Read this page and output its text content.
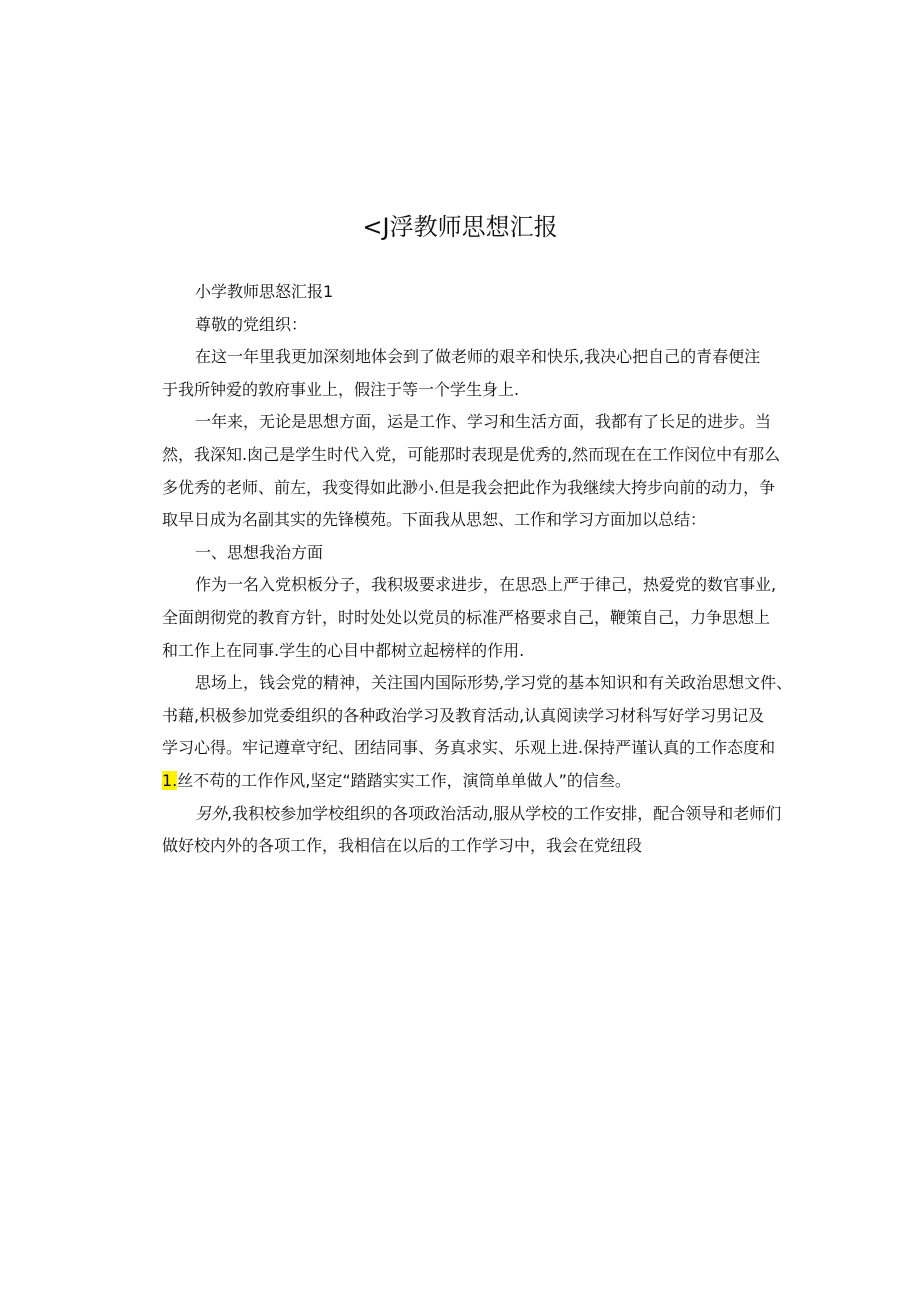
<J浮教师思想汇报
小学教师思怒汇报1
尊敬的党组织：
在这一年里我更加深刻地体会到了做老师的艰辛和快乐,我决心把自己的青春便注
于我所钟爱的敦府事业上，假注于等一个学生身上.
一年来，无论是思想方面，运是工作、学习和生活方面，我都有了长足的进步。当
然，我深知.囱己是学生时代入党，可能那时表现是优秀的,然而现在在工作闵位中有那么
多优秀的老师、前左，我变得如此渺小.但是我会把此作为我继续大挎步向前的动力，争
取早日成为名副其实的先锋模苑。下面我从思恕、工作和学习方面加以总结：
一、思想我治方面
作为一名入党枳板分子，我积圾要求进步，在思恐上严于律己，热爱党的数官事业,
全面朗彻党的教育方针，时时处处以党员的标准严格要求自己，鞭策自己，力争思想上
和工作上在同事.学生的心目中都树立起榜样的作用.
思场上，钱会党的精神，关注国内国际形势,学习党的基本知识和有关政治思想文件、
书藉,枳极参加党委组织的各种政治学习及教育活动,认真阅读学习材科写好学习男记及
学习心得。牢记遵章守纪、团结同事、务真求实、乐观上进.保持严谨认真的工作态度和
1.丝不苟的工作作风,坚定“踏踏实实工作，演筒单单做人”的信叁。
另外,我积校参加学校组织的各项政治活动,服从学校的工作安排，配合领导和老师们
做好校内外的各项工作，我相信在以后的工作学习中，我会在党纽段
